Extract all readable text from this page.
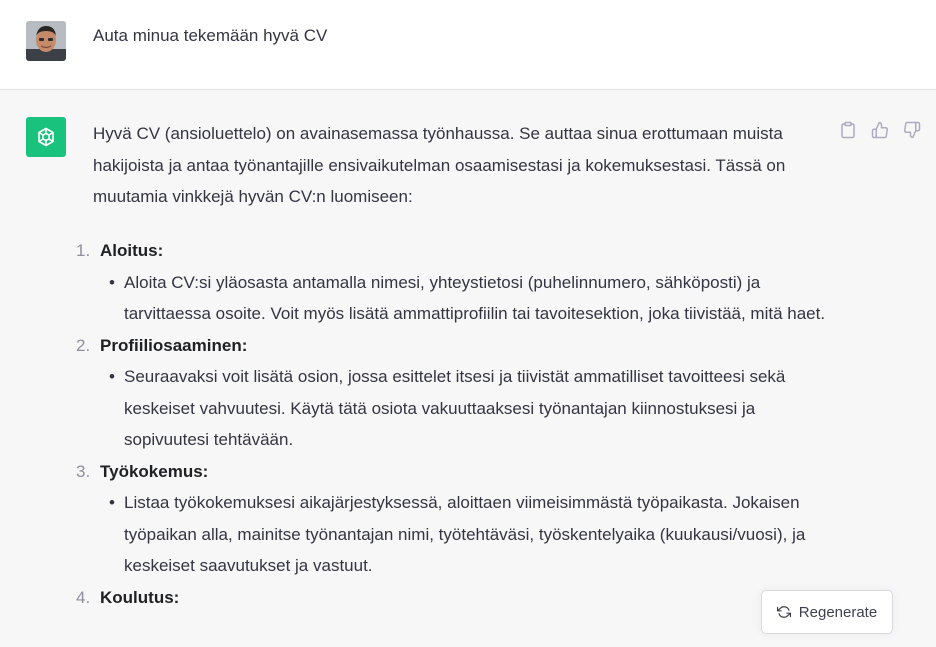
Auta minua tekemään hyvä CV

Hyvä CV (ansioluettelo) on avainasemassa työnhaussa. Se auttaa sinua erottumaan muista hakijoista ja antaa työnantajille ensivaikutelman osaamisestasi ja kokemuksestasi. Tässä on muutamia vinkkejä hyvän CV:n luomiseen:

1. Aloitus:
• Aloita CV:si yläosasta antamalla nimesi, yhteystietosi (puhelinnumero, sähköposti) ja tarvittaessa osoite. Voit myös lisätä ammattiprofiilin tai tavoitesektion, joka tiivistää, mitä haet.
2. Profiiliosaaminen:
• Seuraavaksi voit lisätä osion, jossa esittelet itsesi ja tiivistät ammatilliset tavoitteesi sekä keskeiset vahvuutesi. Käytä tätä osiota vakuuttaaksesi työnantajan kiinnostuksesi ja sopivuutesi tehtävään.
3. Työkokemus:
• Listaa työkokemuksesi aikajärjestyksessä, aloittaen viimeisimmästä työpaikasta. Jokaisen työpaikan alla, mainitse työnantajan nimi, työtehtäväsi, työskentelyaika (kuukausi/vuosi), ja keskeiset saavutukset ja vastuut.
4. Koulutus:
Regenerate
